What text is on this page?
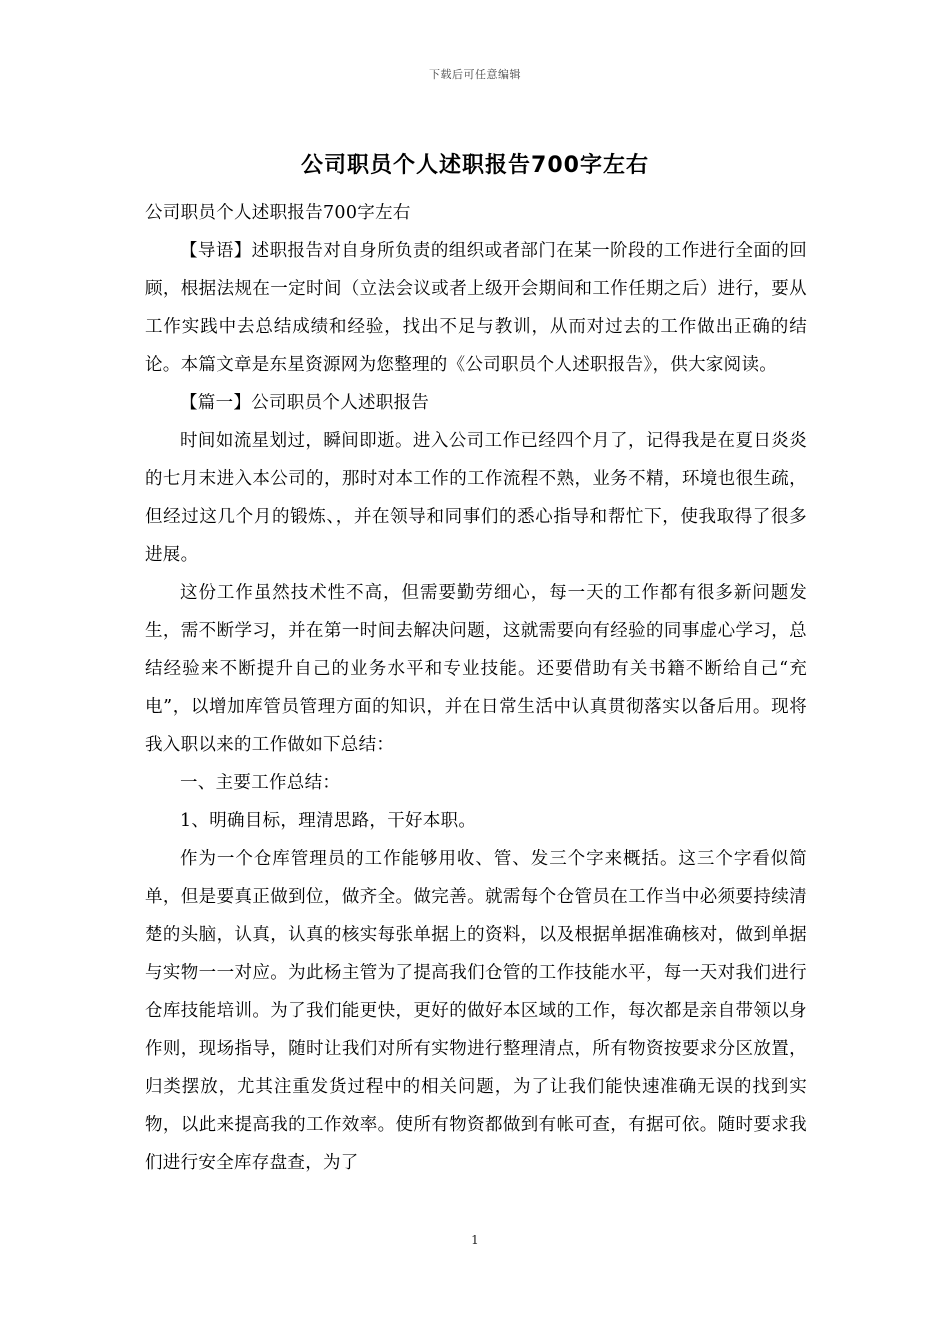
下载后可任意编辑
公司职员个人述职报告700字左右

公司职员个人述职报告700字左右

【导语】述职报告对自身所负责的组织或者部门在某一阶段的工作进行全面的回顾，根据法规在一定时间（立法会议或者上级开会期间和工作任期之后）进行，要从工作实践中去总结成绩和经验，找出不足与教训，从而对过去的工作做出正确的结论。本篇文章是东星资源网为您整理的《公司职员个人述职报告》，供大家阅读。

【篇一】公司职员个人述职报告

时间如流星划过，瞬间即逝。进入公司工作已经四个月了，记得我是在夏日炎炎的七月末进入本公司的，那时对本工作的工作流程不熟，业务不精，环境也很生疏，但经过这几个月的锻炼、，并在领导和同事们的悉心指导和帮忙下，使我取得了很多进展。

这份工作虽然技术性不高，但需要勤劳细心，每一天的工作都有很多新问题发生，需不断学习，并在第一时间去解决问题，这就需要向有经验的同事虚心学习，总结经验来不断提升自己的业务水平和专业技能。还要借助有关书籍不断给自己“充电”，以增加库管员管理方面的知识，并在日常生活中认真贯彻落实以备后用。现将我入职以来的工作做如下总结：

一、主要工作总结：

1、明确目标，理清思路，干好本职。

作为一个仓库管理员的工作能够用收、管、发三个字来概括。这三个字看似简单，但是要真正做到位，做齐全。做完善。就需每个仓管员在工作当中必须要持续清楚的头脑，认真，认真的核实每张单据上的资料，以及根据单据准确核对，做到单据与实物一一对应。为此杨主管为了提高我们仓管的工作技能水平，每一天对我们进行仓库技能培训。为了我们能更快，更好的做好本区域的工作，每次都是亲自带领以身作则，现场指导，随时让我们对所有实物进行整理清点，所有物资按要求分区放置，归类摆放，尤其注重发货过程中的相关问题，为了让我们能快速准确无误的找到实物，以此来提高我的工作效率。使所有物资都做到有帐可查，有据可依。随时要求我们进行安全库存盘查，为了

1
